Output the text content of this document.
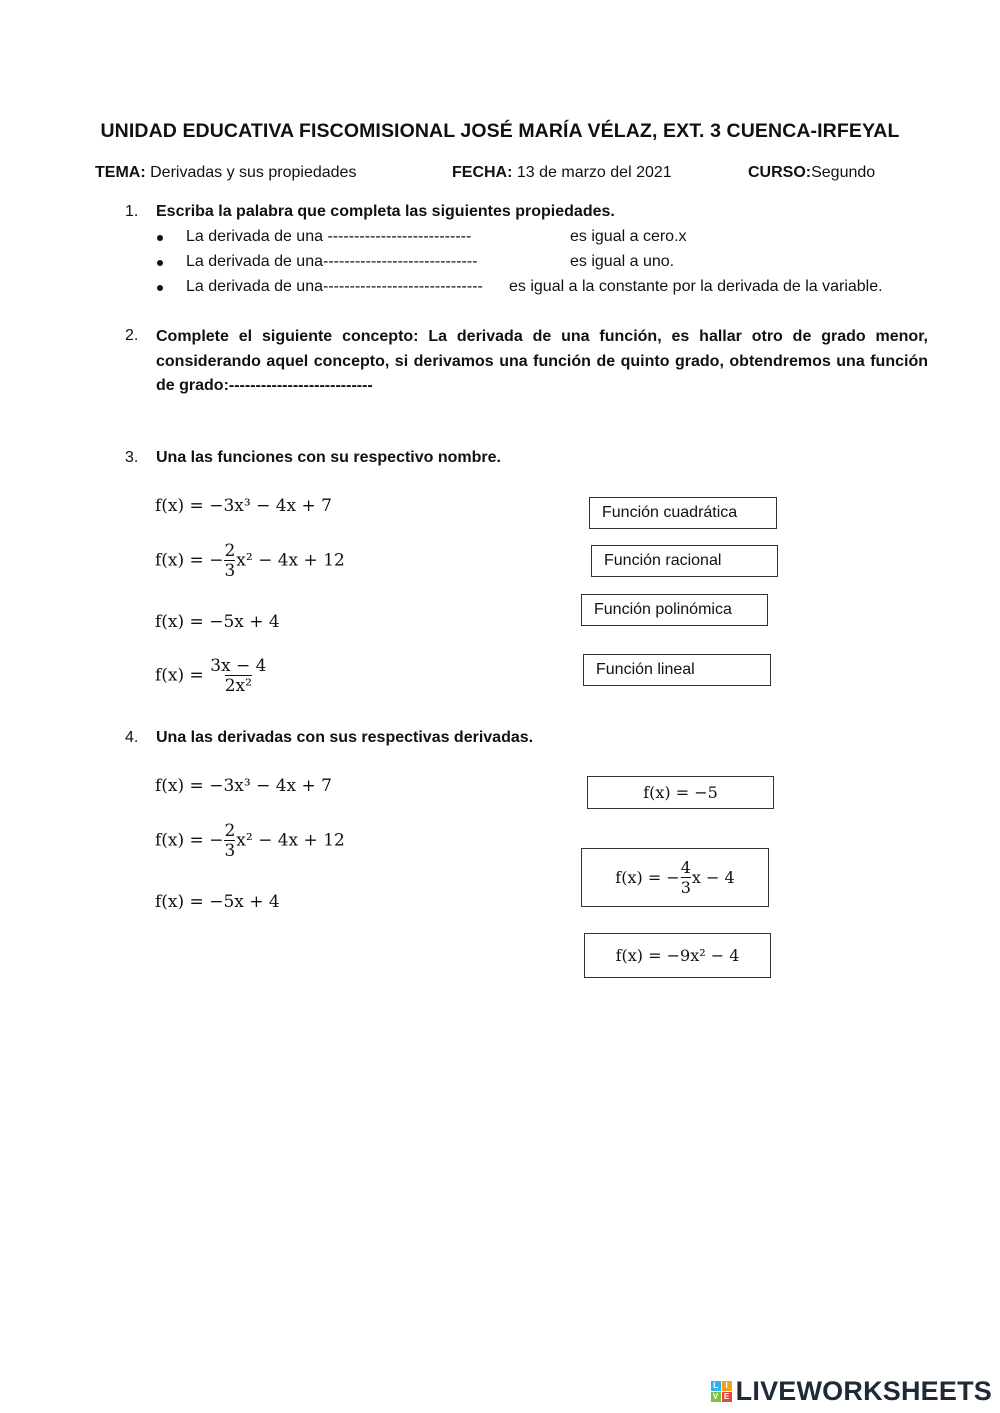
UNIDAD EDUCATIVA FISCOMISIONAL JOSÉ MARÍA VÉLAZ, EXT. 3 CUENCA-IRFEYAL
TEMA: Derivadas y sus propiedades	FECHA: 13 de marzo del 2021	CURSO:Segundo
1. Escriba la palabra que completa las siguientes propiedades.
La derivada de una ---------------------------	es igual a cero.x
La derivada de una-----------------------------	es igual a uno.
La derivada de una------------------------------ es igual a la constante por la derivada de la variable.
2. Complete el siguiente concepto: La derivada de una función, es hallar otro de grado menor, considerando aquel concepto, si derivamos una función de quinto grado, obtendremos una función de grado:---------------------------
3. Una las funciones con su respectivo nombre.
f(x) = −3x³ − 4x + 7
f(x) = − $\frac{2}{3} x^2 - 4x + 12$
f(x) = −5x + 4
$f(x) = \frac{3x - 4}{\text{2x²}}$
Función cuadrática
Función racional
Función polinómica
Función lineal
4. Una las derivadas con sus respectivas derivadas.
f(x) = −3x³ − 4x + 7
f(x) = − $\frac{2}{3} x^2 - 4x + 12$
f(x) = −5x + 4
f(x) = −5
f(x) = − $\frac{4}{3}$ x − 4
f(x) = −9x² − 4
L I
V E LIVEWORKSHEETS
